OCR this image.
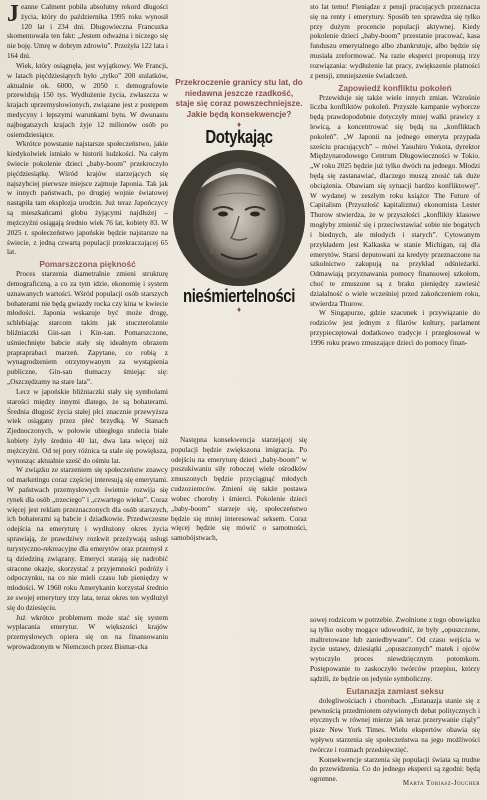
Jeanne Calment pobiła absolutny rekord długości życia, który do października 1995 roku wynosił 120 lat i 234 dni. Długowieczna Francuzka skomentowała ten fakt: „Jestem odważna i niczego się nie boję. Umrę w dobrym zdrowiu”. Przeżyła 122 lata i 164 dni.

Wiek, który osiągnęła, jest wyjątkowy. We Francji, w latach pięćdziesiątych było „tylko” 200 stulatków, aktualnie ok. 6000, w 2050 r. demografowie przewidują 150 tys. Wydłużenie życia, zwłaszcza w krajach uprzemysłowionych, związane jest z postępem medycyny i lepszymi warunkami bytu. W dwunastu najbogatszych krajach żyje 12 milionów osób po osiemdziesiątce.

Wkrótce powstanie najstarsze społeczeństwo, jakie kiedykolwiek istniało w historii ludzkości. Na całym świecie pokolenie dzieci „baby-boom” przekroczyło pięćdziesiątkę. Wśród krajów starzejących się najszybciej pierwsze miejsce zajmuje Japonia. Tak jak w innych państwach, po drugiej wojnie światowej nastąpiła tam eksplozja urodzin. Już teraz Japończycy są mieszkańcami globu żyjącymi najdłużej – mężczyźni osiągają średnio wiek 76 lat, kobiety 83. W 2025 r. społeczeństwo japońskie będzie najstarsze na świecie, z jedną czwartą populacji przekraczającej 65 lat.

Pomarszczona piękność

Proces starzenia diametralnie zmieni strukturę demograficzną, a co za tym idzie, ekonomię i system uznawanych wartości. Wśród populacji osób starszych bohaterami nie będą gwiazdy rocka czy kina w kwiecie młodości. Japonia wskazuje być może drogę, schlebiając starcom takim jak stuczterolatnie bliźniaczki Gin-san i Kin-san. Pomarszczone, uśmiechnięte babcie stały się ideałnym obrazem prapraprabaci marzeń. Zapytane, co robią z wynagrodzeniem otrzymywanym za wystąpienia publiczne, Gin-san tłumaczy śmiejąc się: „Oszczędzamy na stare lata”.

Lecz w japońskie bliźniaczki stały się symbolami starości między innymi dlatego, że są bohaterami. Średnia długość życia stałej płci znacznie przewyższa wiek osiągany przez płeć brzydką. W Stanach Zjednoczonych, w połowie ubiegłego stulecia białe kobiety żyły średnio 40 lat, dwa lata więcej niż mężczyźni. Od tej pory różnica ta stale się powiększa, wynosząc aktualnie sześć do ośmiu lat.

W związku ze starzeniem się społeczeństw znawcy od marketingu coraz częściej interesują się emerytami. W państwach przemysłowych świetnie rozwija się rynek dla osób „trzeciego” i „czwartego wieku”. Coraz więcej jest reklam przeznaczonych dla osób starszych, ich bohaterami są babcie i dziadkowie. Przedwczesne odejścia na emeryturę i wydłużony okres życia sprawiają, że prawdziwy rozkwit przeżywają usługi turystyczno-rekreacyjne dla emerytów oraz przemysł z tą dziedziną związany. Emeryci starają się nadrobić stracone okazje, skorzystać z przyjemności podróży i odpoczynku, na co nie mieli czasu lub pieniędzy w młodości. W 1960 roku Amerykanin korzystał średnio ze swojej emerytury trzy lata, teraz okres ten wydłużył się do dziesięciu.

Już wkrótce problemem może stać się system wypłacania emerytur. W większości krajów przemysłowych opiera się on na finansowaniu wprowadzonym w Niemczech przez Bismar-cka

Przekroczenie granicy stu lat, do niedawna jeszcze rzadkość, staje się coraz powszechniejsze. Jakie będą konsekwencje?
♦
Dotykając
nieśmiertelności
♦

Następna konsekwencja starzejącej się populacji będzie zwiększona imigracja. Po odejściu na emeryturę dzieci „baby-boom” w poszukiwaniu siły roboczej wiele ośrodków zmuszonych będzie przyciągnąć młodych cudzoziemców. Zmieni się także postawa wobec choroby i śmierci. Pokolenie dzieci „baby-boom” starzeje się, społeczeństwo będzie się mniej interesować seksem. Coraz więcej będzie się mówić o samotności, samobójstwach,

sto lat temu! Pieniądze z pensji pracujących przeznacza się na renty i emerytury. Sposób ten sprawdza się tylko przy dużym procencie populacji aktywnej. Kiedy pokolenie dzieci „baby-boom” przestanie pracować, kasa funduszu emerytalnego albo zbankrutuje, albo będzie się musiała zreformować. Na razie eksperci proponują trzy rozwiązania: wydłużenie lat pracy, zwiększenie płatności z pensji, zmniejszenie świadczeń.

Zapowiedź konfliktu pokoleń

Przewiduje się także wiele innych zmian. Wzrośnie liczba konfliktów pokoleń. Przyszłe kampanie wyborcze będą prawdopodobnie dotyczyły mniej walki prawicy z lewicą, a koncentrować się będą na „konfliktach pokoleń”. „W Japonii na jednego emeryta przypada sześciu pracujących” – mówi Yasuhiro Yokota, dyrektor Międzynarodowego Centrum Długowieczności w Tokio. „W roku 2025 będzie już tylko dwóch na jednego. Młodzi będą się zastanawiać, dlaczego muszą znosić tak duże obciążenia. Obawiam się sytuacji bardzo konfliktowej”. W wydanej w zeszłym roku książce The Future of Capitalism (Przyszłość kapitalizmu) ekonomista Lester Thurow stwierdza, że w przyszłości „konflikty klasowe mogłyby zmienić się i przeciwstawiać sobie nie bogatych i biednych, ale młodych i starych”. Cytowanym przykładem jest Kalkaska w stanie Michigan, raj dla emerytów. Starsi deputowani za kredyty przeznaczone na szkolnictwo zakupują na przykład odśnieżarki. Odmawiają przyznawania pomocy finansowej szkołom, choć te zmuszone są z braku pieniędzy zawiesić działalność o wiele wcześniej przed zakończeniem roku, stwierdza Thurow.

W Singapurze, gdzie szacunek i przywiązanie do rodziców jest jednym z filarów kultury, parlament przypieczętował dodatkowo tradycje i przegłosował w 1996 roku prawo zmuszające dzieci do pomocy finan-

sowej rodzicom w potrzebie. Zwolnione z tego obowiązku są tylko osoby mogące udowodnić, że były „opuszczone, maltretowane lub zaniedbywane”. Od czasu wejścia w życie ustawy, dziesiątki „opuszczonych” matek i ojców wytoczyło proces niewdzięcznym potomkom. Postępowanie to zaskoczyło twórców przepisu, którzy sądzili, że będzie on jedynie symboliczny.

Eutanazja zamiast seksu

dolegliwościach i chorobach. „Eutanazja stanie się z pewnością przedmiotem ożywionych debat politycznych i etycznych w równej mierze jak teraz przerywanie ciąży” pisze New York Times. Wielu ekspertów obawia się wpływu starzenia się społeczeństwa na jego możliwości twórcze i rozmach przedsięwzięć.

Konsekwencje starzenia się populacji świata są trudne do przewidzenia. Co do jednego eksperci są zgodni: będą ogromne.	Marta Tobiasz-Joucher
